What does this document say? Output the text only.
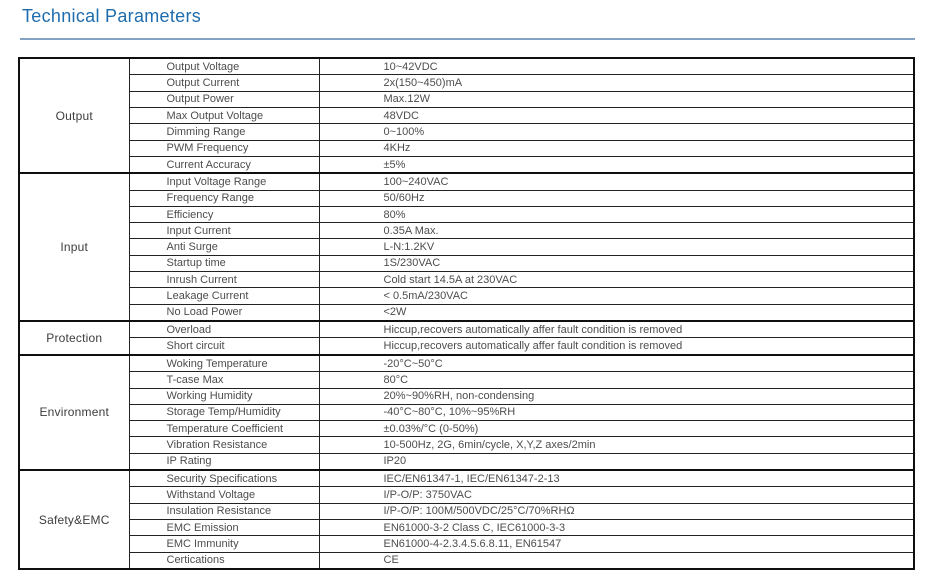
Technical Parameters
Output	Output Voltage	10~42VDC
	Output Current	2x(150~450)mA
	Output Power	Max.12W
	Max Output Voltage	48VDC
	Dimming Range	0~100%
	PWM Frequency	4KHz
	Current Accuracy	±5%
Input	Input Voltage Range	100~240VAC
	Frequency Range	50/60Hz
	Efficiency	80%
	Input Current	0.35A Max.
	Anti Surge	L-N:1.2KV
	Startup time	1S/230VAC
	Inrush Current	Cold start 14.5A at 230VAC
	Leakage Current	< 0.5mA/230VAC
	No Load Power	<2W
Protection	Overload	Hiccup,recovers automatically affer fault condition is removed
	Short circuit	Hiccup,recovers automatically affer fault condition is removed
Environment	Woking Temperature	-20°C~50°C
	T-case Max	80°C
	Working Humidity	20%~90%RH, non-condensing
	Storage Temp/Humidity	-40°C~80°C, 10%~95%RH
	Temperature Coefficient	±0.03%/°C (0-50%)
	Vibration Resistance	10-500Hz, 2G, 6min/cycle, X,Y,Z axes/2min
	IP Rating	IP20
Safety&EMC	Security Specifications	IEC/EN61347-1, IEC/EN61347-2-13
	Withstand Voltage	I/P-O/P: 3750VAC
	Insulation Resistance	I/P-O/P: 100M/500VDC/25°C/70%RHΩ
	EMC Emission	EN61000-3-2 Class C, IEC61000-3-3
	EMC Immunity	EN61000-4-2.3.4.5.6.8.11, EN61547
	Certications	CE
